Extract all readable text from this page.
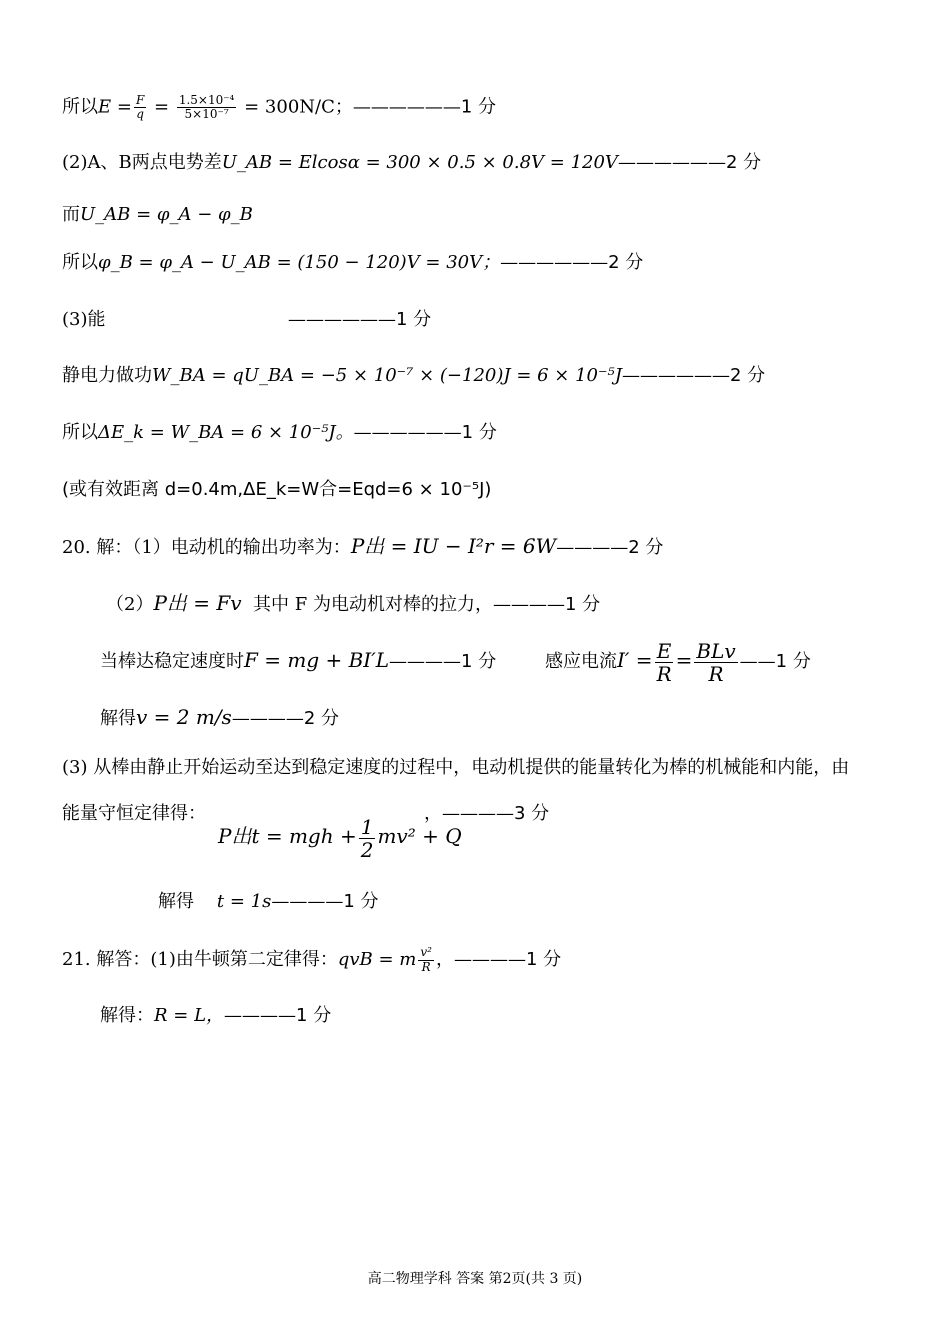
所以$E = \frac{F}{q} = \frac{\text{1.5×10⁻⁴}}{\text{5×10⁻⁷}} = 300N/C$；——————1 分
(2)A、B两点电势差U_AB = Elcosα = 300 × 0.5 × 0.8V = 120V——————2 分
而U_AB = φ_A − φ_B
所以φ_B = φ_A − U_AB = (150 − 120)V = 30V；——————2 分
(3)能	——————1 分
静电力做功W_BA = qU_BA = −5 × 10⁻⁷ × (−120)J = 6 × 10⁻⁵J——————2 分
所以ΔE_k = W_BA = 6 × 10⁻⁵J。——————1 分
(或有效距离 d=0.4m,ΔE_k=W合=Eqd=6 × 10⁻⁵J)
20. 解：（1）电动机的输出功率为：P出 = IU − I²r = 6W————2 分
（2）P出 = Fv 其中 F 为电动机对棒的拉力，————1 分
当棒达稳定速度时F = mg + BI′L————1 分	感应电流$I' = \frac{E}{R} = \frac{\text{BLv}}{R}$ ——1 分
解得v = 2 m/s————2 分
(3) 从棒由静止开始运动至达到稳定速度的过程中，电动机提供的能量转化为棒的机械能和内能，由
能量守恒定律得：
P出t = mgh + $\frac{1}{2} mv^2 + Q$
，————3 分
解得 t = 1s————1 分
21. 解答：(1)由牛顿第二定律得：qvB = m $\frac{\text{v²}}{R}$ ，————1 分
解得：R = L，————1 分
高二物理学科 答案 第2页(共 3 页)
